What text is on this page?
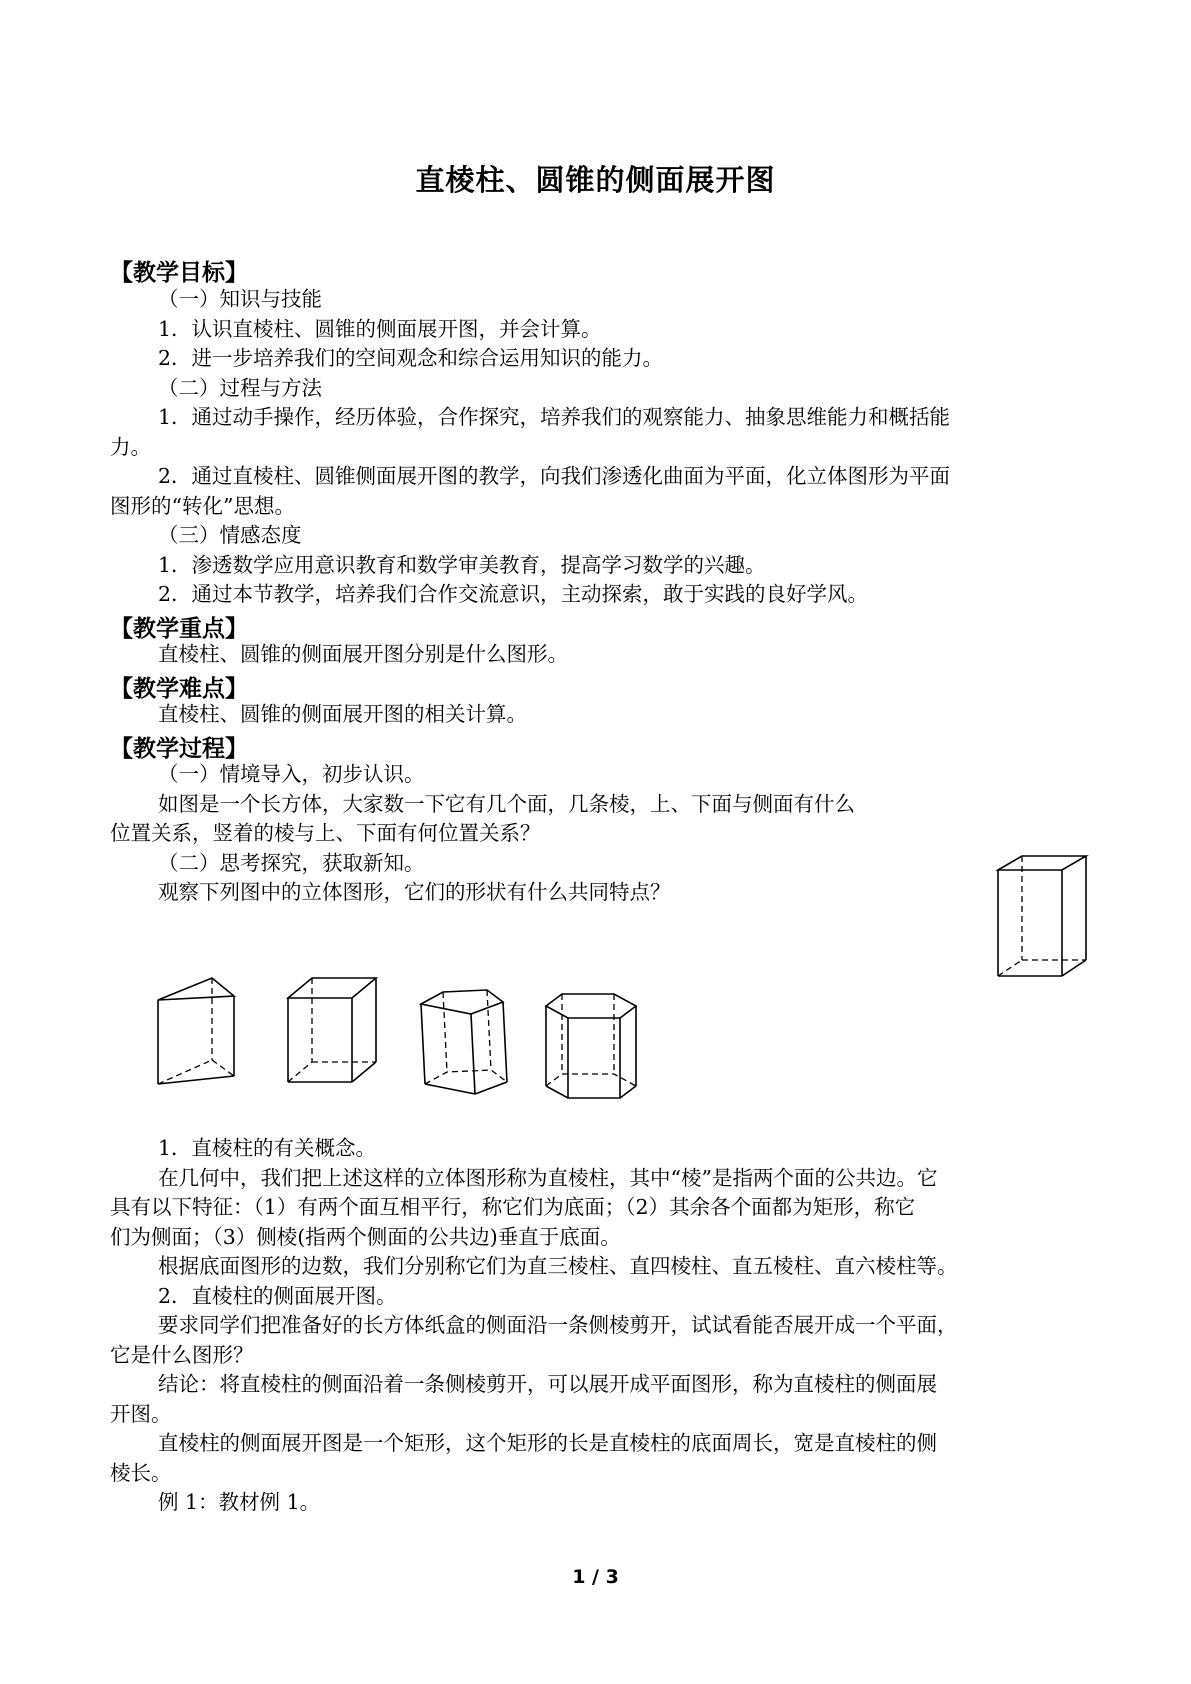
直棱柱、圆锥的侧面展开图
【教学目标】
（一）知识与技能
1．认识直棱柱、圆锥的侧面展开图，并会计算。
2．进一步培养我们的空间观念和综合运用知识的能力。
（二）过程与方法
1．通过动手操作，经历体验，合作探究，培养我们的观察能力、抽象思维能力和概括能
力。
2．通过直棱柱、圆锥侧面展开图的教学，向我们渗透化曲面为平面，化立体图形为平面
图形的“转化”思想。
（三）情感态度
1．渗透数学应用意识教育和数学审美教育，提高学习数学的兴趣。
2．通过本节教学，培养我们合作交流意识，主动探索，敢于实践的良好学风。
【教学重点】
直棱柱、圆锥的侧面展开图分别是什么图形。
【教学难点】
直棱柱、圆锥的侧面展开图的相关计算。
【教学过程】
（一）情境导入，初步认识。
如图是一个长方体，大家数一下它有几个面，几条棱，上、下面与侧面有什么
位置关系，竖着的棱与上、下面有何位置关系？
（二）思考探究，获取新知。
观察下列图中的立体图形，它们的形状有什么共同特点？
1．直棱柱的有关概念。
在几何中，我们把上述这样的立体图形称为直棱柱，其中“棱”是指两个面的公共边。它
具有以下特征：（1）有两个面互相平行，称它们为底面；（2）其余各个面都为矩形，称它
们为侧面；（3）侧棱(指两个侧面的公共边)垂直于底面。
根据底面图形的边数，我们分别称它们为直三棱柱、直四棱柱、直五棱柱、直六棱柱等。
2．直棱柱的侧面展开图。
要求同学们把准备好的长方体纸盒的侧面沿一条侧棱剪开，试试看能否展开成一个平面，
它是什么图形？
结论：将直棱柱的侧面沿着一条侧棱剪开，可以展开成平面图形，称为直棱柱的侧面展
开图。
直棱柱的侧面展开图是一个矩形，这个矩形的长是直棱柱的底面周长，宽是直棱柱的侧
棱长。
例 1：教材例 1。
1 / 3
